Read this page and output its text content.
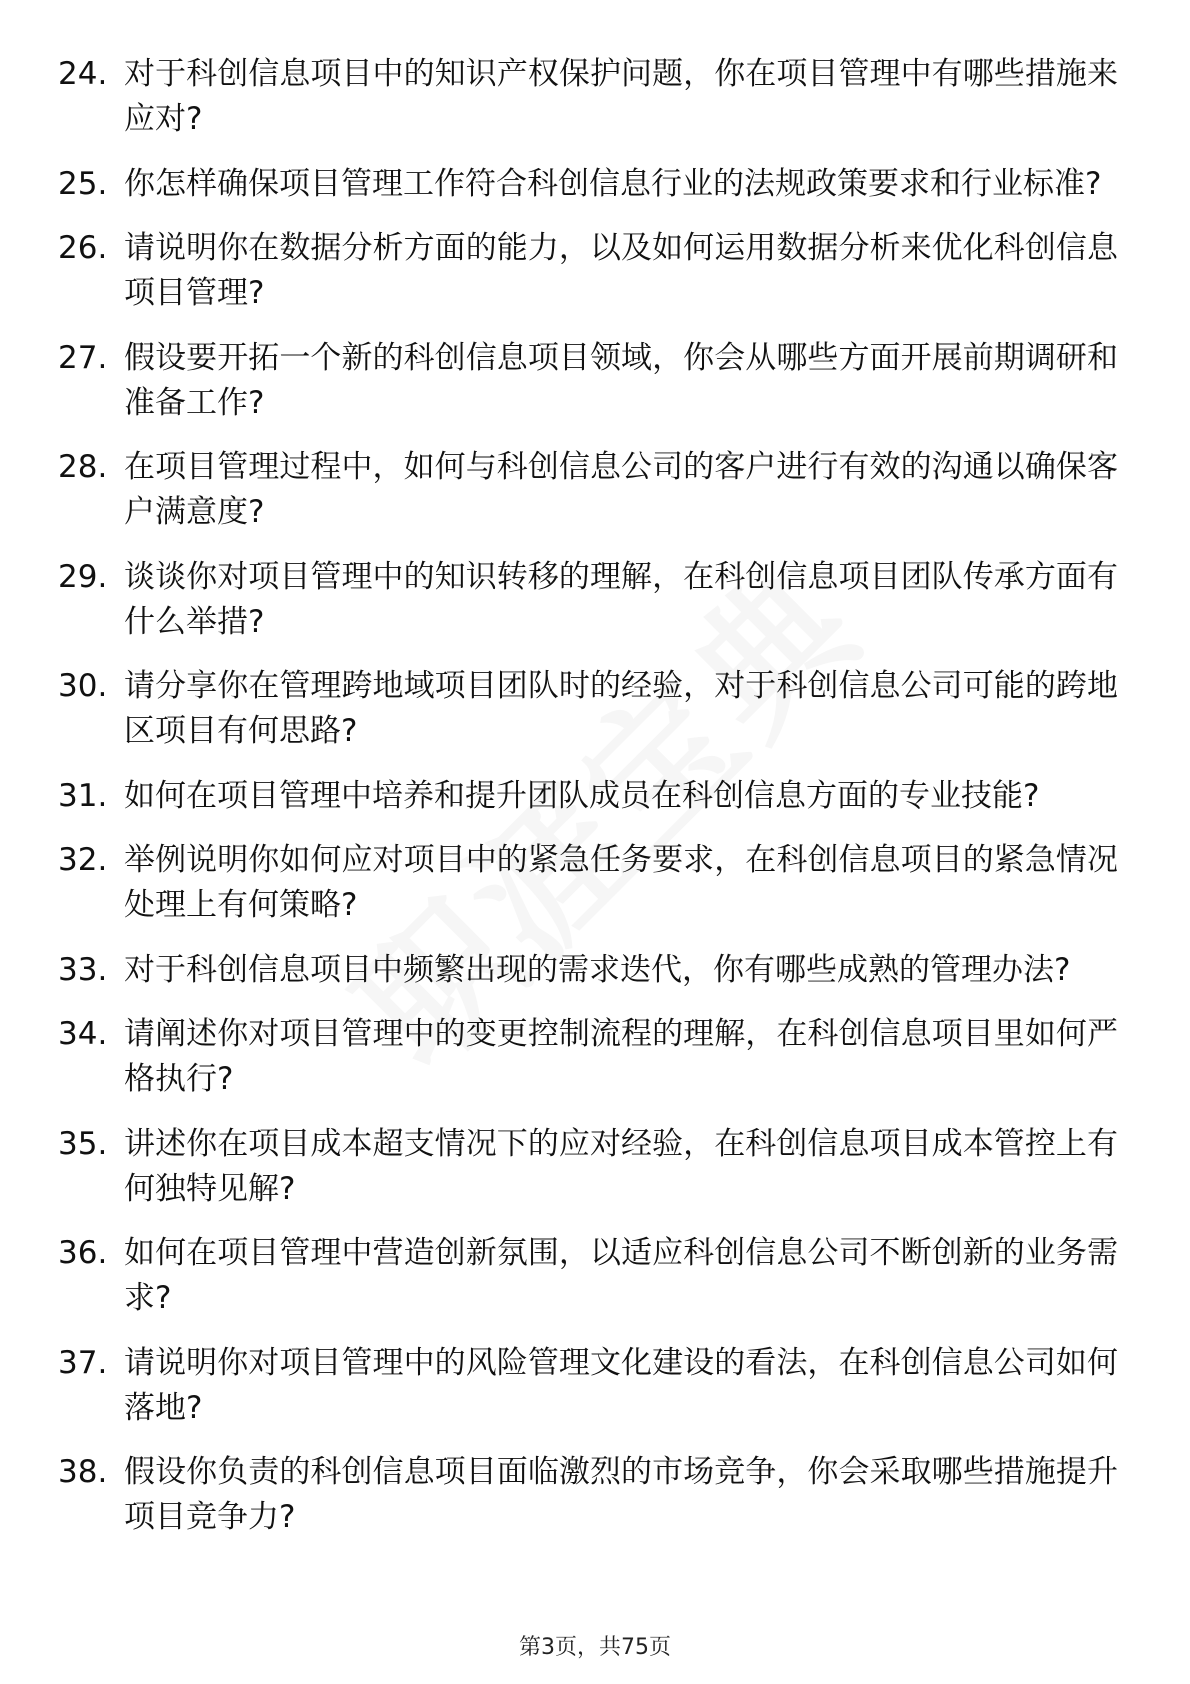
24. 对于科创信息项目中的知识产权保护问题，你在项目管理中有哪些措施来应对?
25. 你怎样确保项目管理工作符合科创信息行业的法规政策要求和行业标准?
26. 请说明你在数据分析方面的能力，以及如何运用数据分析来优化科创信息项目管理?
27. 假设要开拓一个新的科创信息项目领域，你会从哪些方面开展前期调研和准备工作?
28. 在项目管理过程中，如何与科创信息公司的客户进行有效的沟通以确保客户满意度?
29. 谈谈你对项目管理中的知识转移的理解，在科创信息项目团队传承方面有什么举措?
30. 请分享你在管理跨地域项目团队时的经验，对于科创信息公司可能的跨地区项目有何思路?
31. 如何在项目管理中培养和提升团队成员在科创信息方面的专业技能?
32. 举例说明你如何应对项目中的紧急任务要求，在科创信息项目的紧急情况处理上有何策略?
33. 对于科创信息项目中频繁出现的需求迭代，你有哪些成熟的管理办法?
34. 请阐述你对项目管理中的变更控制流程的理解，在科创信息项目里如何严格执行?
35. 讲述你在项目成本超支情况下的应对经验，在科创信息项目成本管控上有何独特见解?
36. 如何在项目管理中营造创新氛围，以适应科创信息公司不断创新的业务需求?
37. 请说明你对项目管理中的风险管理文化建设的看法，在科创信息公司如何落地?
38. 假设你负责的科创信息项目面临激烈的市场竞争，你会采取哪些措施提升项目竞争力?
第3页，共75页
